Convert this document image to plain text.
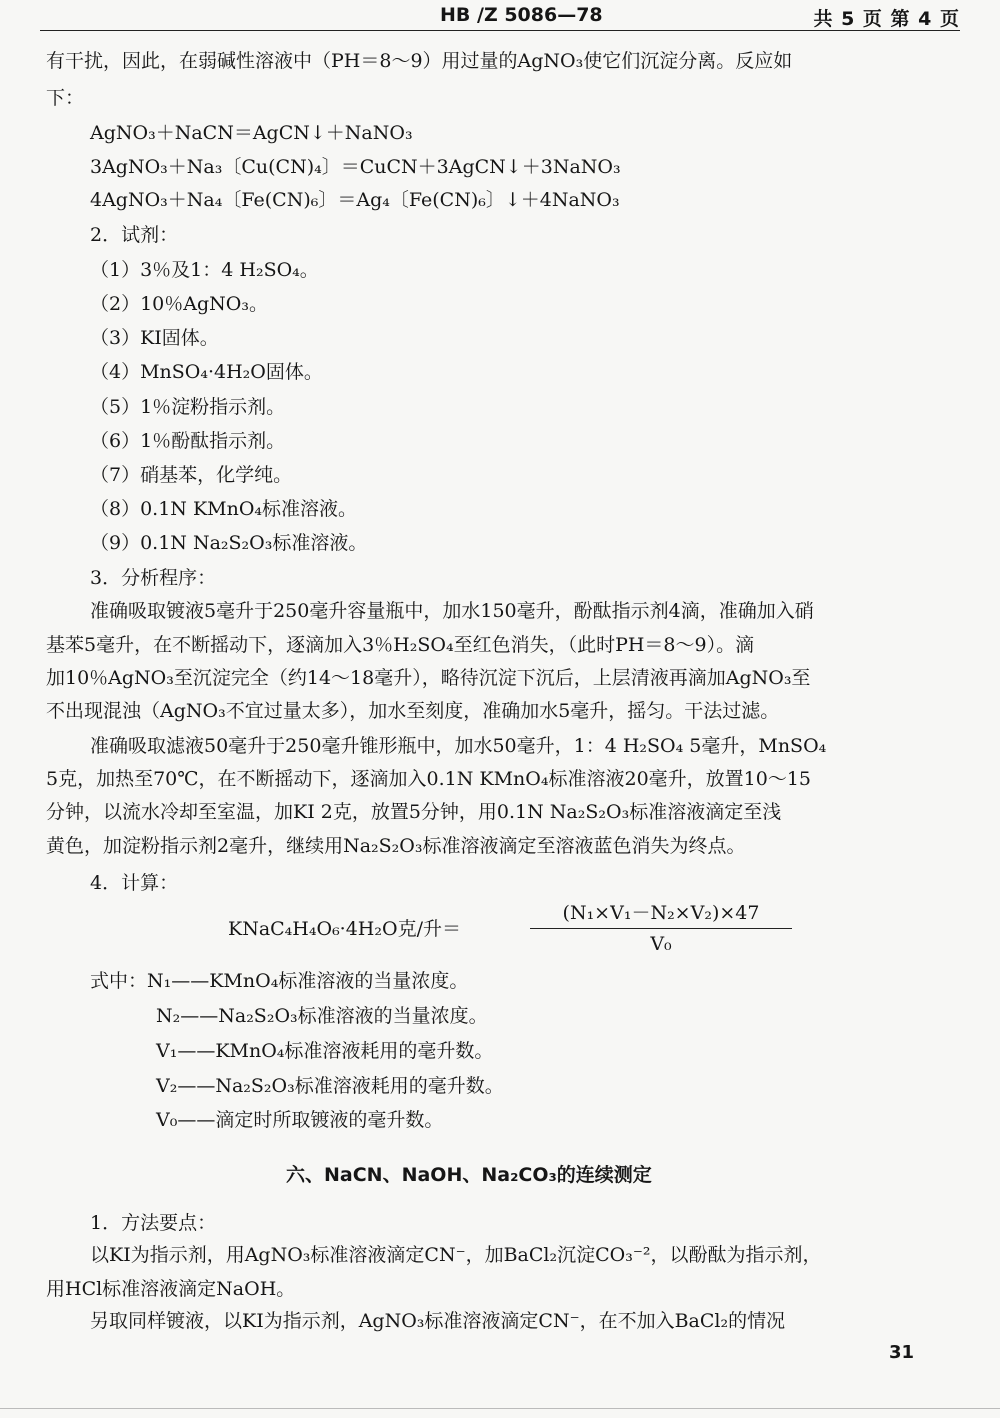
HB /Z 5086—78	共 5 页 第 4 页
有干扰，因此，在弱碱性溶液中（PH＝8～9）用过量的AgNO₃使它们沉淀分离。反应如
下：
AgNO₃＋NaCN＝AgCN↓＋NaNO₃
3AgNO₃＋Na₃〔Cu(CN)₄〕＝CuCN＋3AgCN↓＋3NaNO₃
4AgNO₃＋Na₄〔Fe(CN)₆〕＝Ag₄〔Fe(CN)₆〕↓＋4NaNO₃
2．试剂：
（1）3％及1：4 H₂SO₄。
（2）10％AgNO₃。
（3）KI固体。
（4）MnSO₄·4H₂O固体。
（5）1％淀粉指示剂。
（6）1％酚酞指示剂。
（7）硝基苯，化学纯。
（8）0.1N KMnO₄标准溶液。
（9）0.1N Na₂S₂O₃标准溶液。
3．分析程序：
准确吸取镀液5毫升于250毫升容量瓶中，加水150毫升，酚酞指示剂4滴，准确加入硝
基苯5毫升，在不断摇动下，逐滴加入3％H₂SO₄至红色消失，（此时PH＝8～9）。滴
加10％AgNO₃至沉淀完全（约14～18毫升），略待沉淀下沉后，上层清液再滴加AgNO₃至
不出现混浊（AgNO₃不宜过量太多），加水至刻度，准确加水5毫升，摇匀。干法过滤。
准确吸取滤液50毫升于250毫升锥形瓶中，加水50毫升，1：4 H₂SO₄ 5毫升，MnSO₄
5克，加热至70℃，在不断摇动下，逐滴加入0.1N KMnO₄标准溶液20毫升，放置10～15
分钟，以流水冷却至室温，加KI 2克，放置5分钟，用0.1N Na₂S₂O₃标准溶液滴定至浅
黄色，加淀粉指示剂2毫升，继续用Na₂S₂O₃标准溶液滴定至溶液蓝色消失为终点。
4．计算：
KNaC₄H₄O₆·4H₂O克/升＝
(N₁×V₁－N₂×V₂)×47
V₀
式中：N₁——KMnO₄标准溶液的当量浓度。
N₂——Na₂S₂O₃标准溶液的当量浓度。
V₁——KMnO₄标准溶液耗用的毫升数。
V₂——Na₂S₂O₃标准溶液耗用的毫升数。
V₀——滴定时所取镀液的毫升数。
六、NaCN、NaOH、Na₂CO₃的连续测定
1．方法要点：
以KI为指示剂，用AgNO₃标准溶液滴定CN⁻，加BaCl₂沉淀CO₃⁻²，以酚酞为指示剂，
用HCl标准溶液滴定NaOH。
另取同样镀液，以KI为指示剂，AgNO₃标准溶液滴定CN⁻，在不加入BaCl₂的情况
31
